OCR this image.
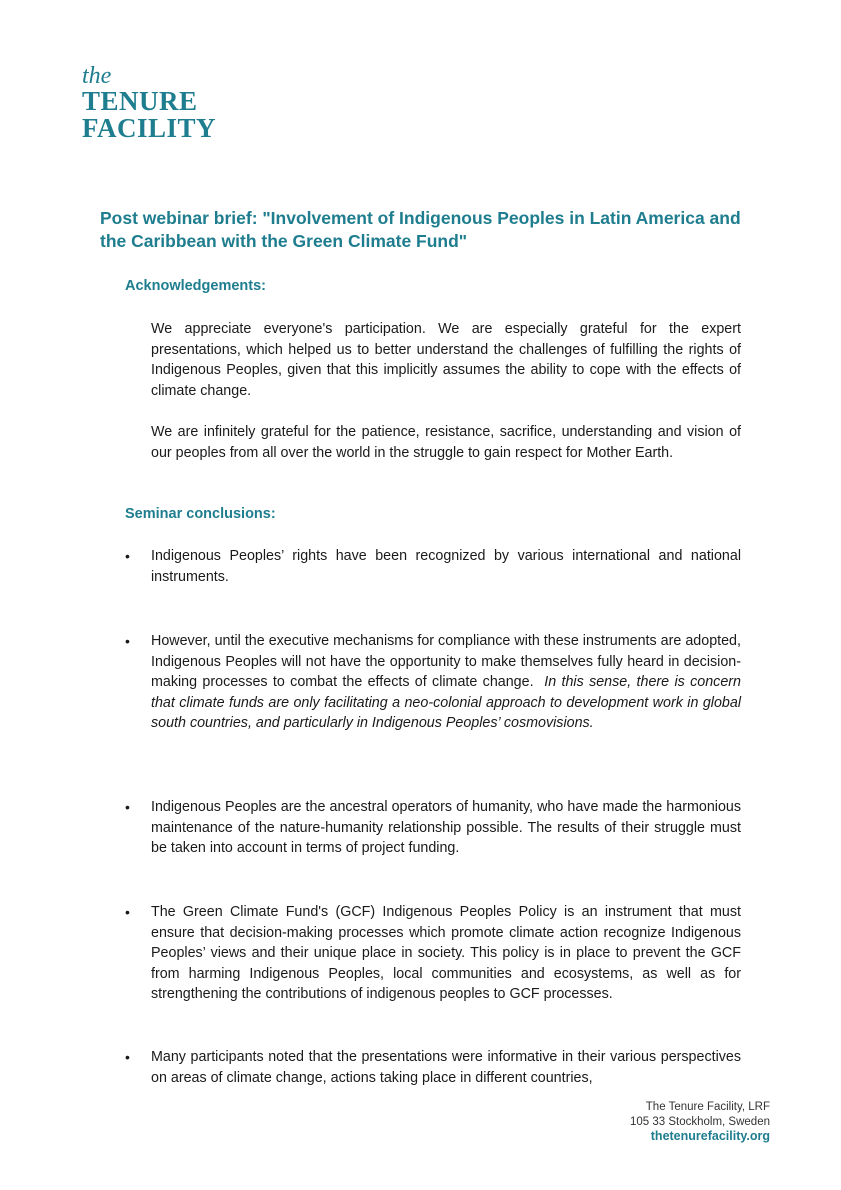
the
TENURE
FACILITY
Post webinar brief: "Involvement of Indigenous Peoples in Latin America and the Caribbean with the Green Climate Fund"
Acknowledgements:

We appreciate everyone's participation. We are especially grateful for the expert presentations, which helped us to better understand the challenges of fulfilling the rights of Indigenous Peoples, given that this implicitly assumes the ability to cope with the effects of climate change.

We are infinitely grateful for the patience, resistance, sacrifice, understanding and vision of our peoples from all over the world in the struggle to gain respect for Mother Earth.

Seminar conclusions:
•	Indigenous Peoples’ rights have been recognized by various international and national instruments.
•	However, until the executive mechanisms for compliance with these instruments are adopted, Indigenous Peoples will not have the opportunity to make themselves fully heard in decision-making processes to combat the effects of climate change. In this sense, there is concern that climate funds are only facilitating a neo-colonial approach to development work in global south countries, and particularly in Indigenous Peoples’ cosmovisions.
•	Indigenous Peoples are the ancestral operators of humanity, who have made the harmonious maintenance of the nature-humanity relationship possible. The results of their struggle must be taken into account in terms of project funding.
•	The Green Climate Fund's (GCF) Indigenous Peoples Policy is an instrument that must ensure that decision-making processes which promote climate action recognize Indigenous Peoples’ views and their unique place in society. This policy is in place to prevent the GCF from harming Indigenous Peoples, local communities and ecosystems, as well as for strengthening the contributions of indigenous peoples to GCF processes.
•	Many participants noted that the presentations were informative in their various perspectives on areas of climate change, actions taking place in different countries,
The Tenure Facility, LRF
105 33 Stockholm, Sweden
thetenurefacility.org
